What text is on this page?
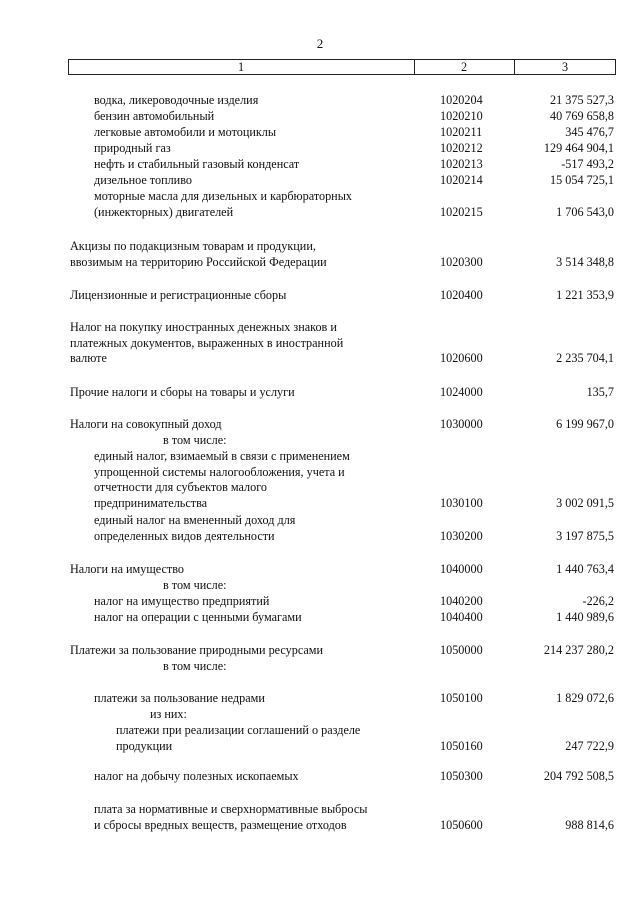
2
1	2	3
водка, ликероводочные изделия	1020204	21 375 527,3
бензин автомобильный	1020210	40 769 658,8
легковые автомобили и мотоциклы	1020211	345 476,7
природный газ	1020212	129 464 904,1
нефть и стабильный газовый конденсат	1020213	-517 493,2
дизельное топливо	1020214	15 054 725,1
моторные масла для дизельных и карбюраторных
(инжекторных) двигателей	1020215	1 706 543,0
Акцизы по подакцизным товарам и продукции,
ввозимым на территорию Российской Федерации	1020300	3 514 348,8
Лицензионные и регистрационные сборы	1020400	1 221 353,9
Налог на покупку иностранных денежных знаков и
платежных документов, выраженных в иностранной
валюте	1020600	2 235 704,1
Прочие налоги и сборы на товары и услуги	1024000	135,7
Налоги на совокупный доход	1030000	6 199 967,0
в том числе:
единый налог, взимаемый в связи с применением
упрощенной системы налогообложения, учета и
отчетности для субъектов малого
предпринимательства	1030100	3 002 091,5
единый налог на вмененный доход для
определенных видов деятельности	1030200	3 197 875,5
Налоги на имущество	1040000	1 440 763,4
в том числе:
налог на имущество предприятий	1040200	-226,2
налог на операции с ценными бумагами	1040400	1 440 989,6
Платежи за пользование природными ресурсами	1050000	214 237 280,2
в том числе:
платежи за пользование недрами	1050100	1 829 072,6
из них:
платежи при реализации соглашений о разделе
продукции	1050160	247 722,9
налог на добычу полезных ископаемых	1050300	204 792 508,5
плата за нормативные и сверхнормативные выбросы
и сбросы вредных веществ, размещение отходов	1050600	988 814,6
